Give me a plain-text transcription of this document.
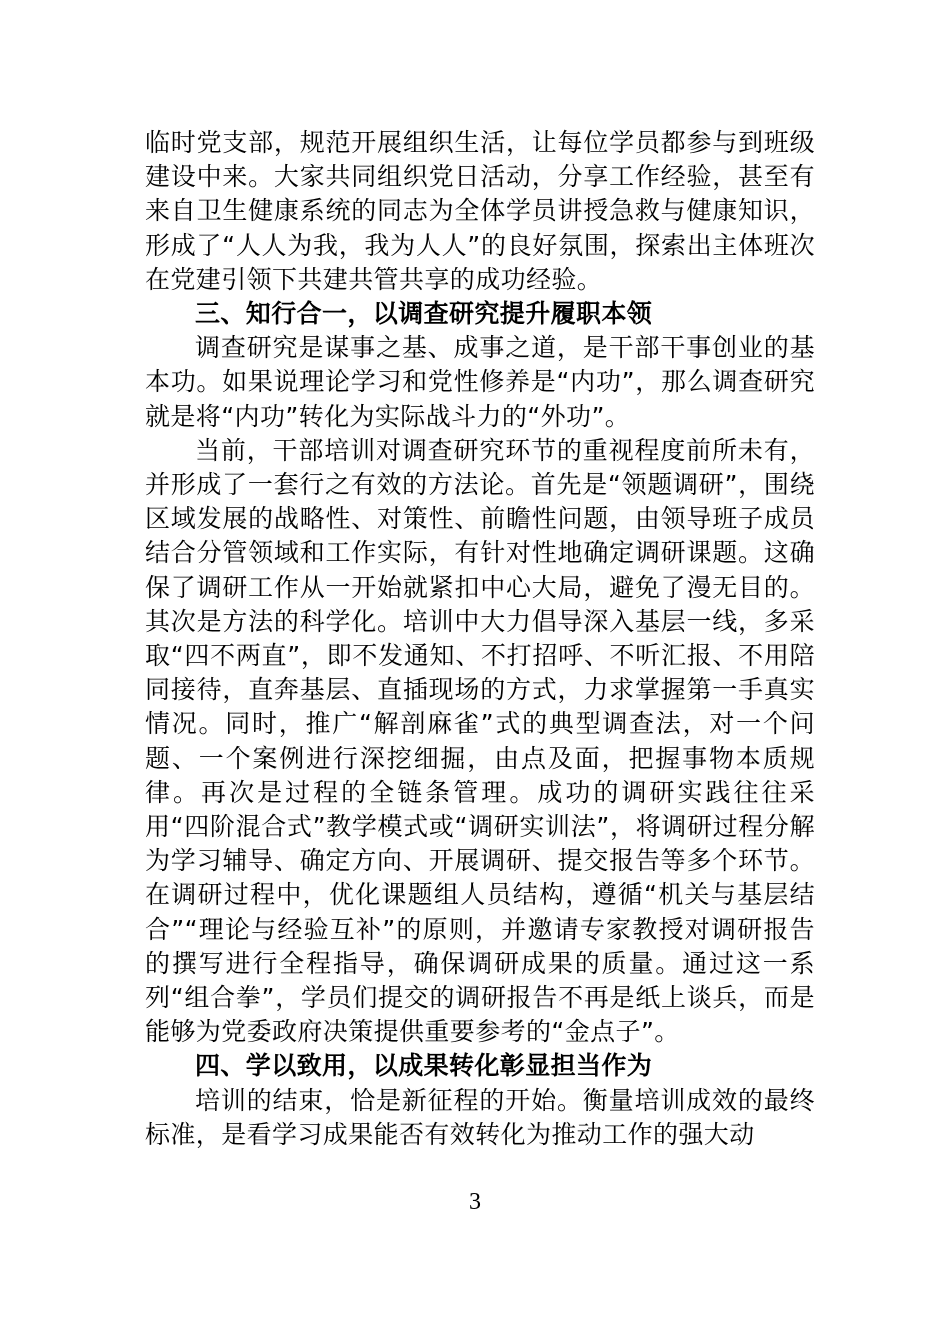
临时党支部，规范开展组织生活，让每位学员都参与到班级建设中来。大家共同组织党日活动，分享工作经验，甚至有来自卫生健康系统的同志为全体学员讲授急救与健康知识，形成了“人人为我，我为人人”的良好氛围，探索出主体班次在党建引领下共建共管共享的成功经验。

三、知行合一，以调查研究提升履职本领

调查研究是谋事之基、成事之道，是干部干事创业的基本功。如果说理论学习和党性修养是“内功”，那么调查研究就是将“内功”转化为实际战斗力的“外功”。

当前，干部培训对调查研究环节的重视程度前所未有，并形成了一套行之有效的方法论。首先是“领题调研”，围绕区域发展的战略性、对策性、前瞻性问题，由领导班子成员结合分管领域和工作实际，有针对性地确定调研课题。这确保了调研工作从一开始就紧扣中心大局，避免了漫无目的。其次是方法的科学化。培训中大力倡导深入基层一线，多采取“四不两直”，即不发通知、不打招呼、不听汇报、不用陪同接待，直奔基层、直插现场的方式，力求掌握第一手真实情况。同时，推广“解剖麻雀”式的典型调查法，对一个问题、一个案例进行深挖细掘，由点及面，把握事物本质规律。再次是过程的全链条管理。成功的调研实践往往采用“四阶混合式”教学模式或“调研实训法”，将调研过程分解为学习辅导、确定方向、开展调研、提交报告等多个环节。在调研过程中，优化课题组人员结构，遵循“机关与基层结合”“理论与经验互补”的原则，并邀请专家教授对调研报告的撰写进行全程指导，确保调研成果的质量。通过这一系列“组合拳”，学员们提交的调研报告不再是纸上谈兵，而是能够为党委政府决策提供重要参考的“金点子”。

四、学以致用，以成果转化彰显担当作为

培训的结束，恰是新征程的开始。衡量培训成效的最终标准，是看学习成果能否有效转化为推动工作的强大动

3
